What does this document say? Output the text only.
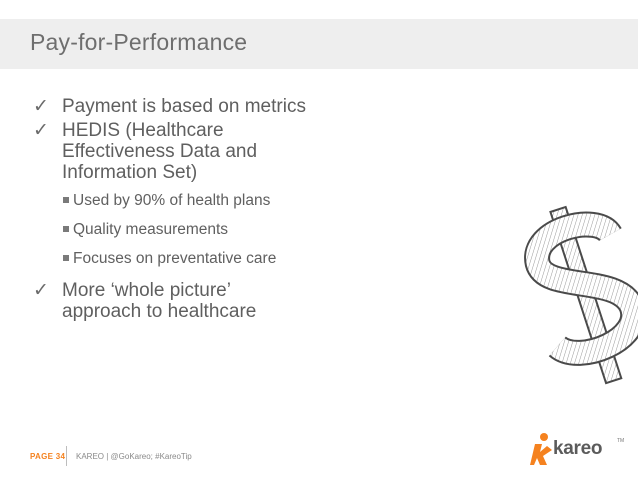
Pay-for-Performance
✓ Payment is based on metrics
✓ HEDIS (Healthcare
Effectiveness Data and
Information Set)
Used by 90% of health plans
Quality measurements
Focuses on preventative care
✓ More ‘whole picture’
approach to healthcare
PAGE 34 KAREO | @GoKareo; #KareoTip	kareo	TM
